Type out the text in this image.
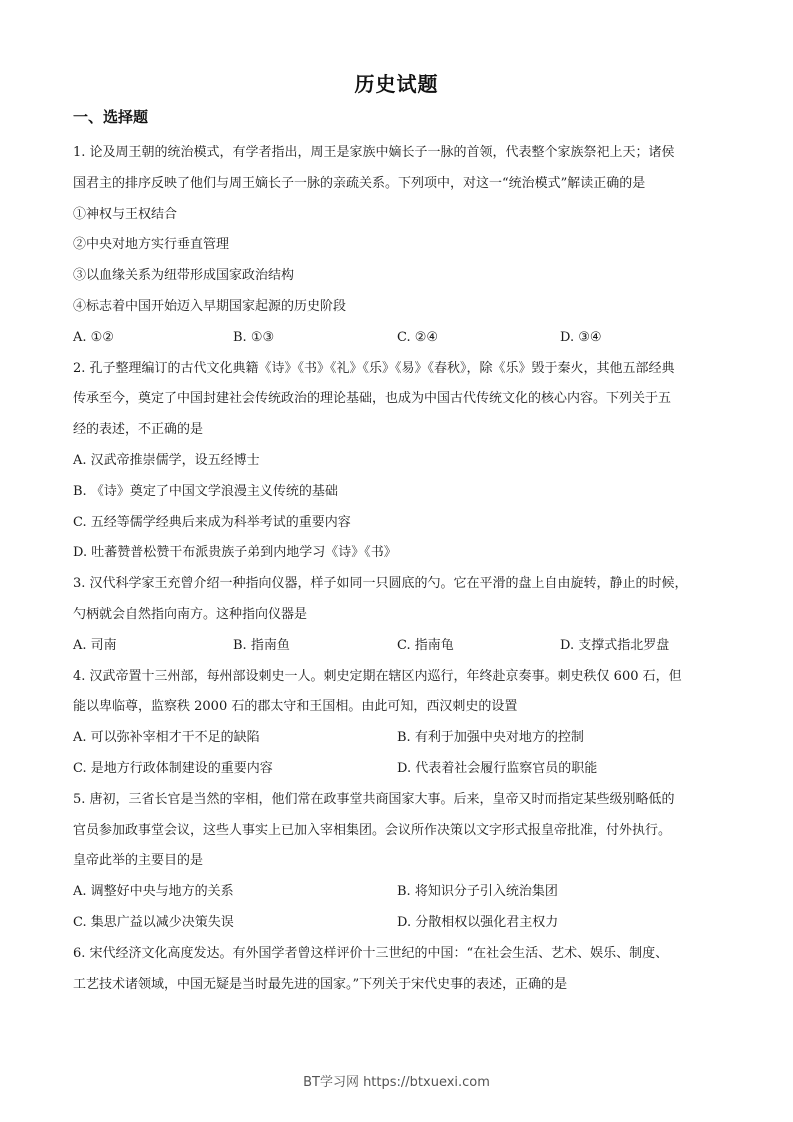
历史试题
一、选择题
1. 论及周王朝的统治模式，有学者指出，周王是家族中嫡长子一脉的首领，代表整个家族祭祀上天；诸侯
国君主的排序反映了他们与周王嫡长子一脉的亲疏关系。下列项中，对这一“统治模式”解读正确的是
①神权与王权结合
②中央对地方实行垂直管理
③以血缘关系为纽带形成国家政治结构
④标志着中国开始迈入早期国家起源的历史阶段
A. ①②	B. ①③	C. ②④	D. ③④
2. 孔子整理编订的古代文化典籍《诗》《书》《礼》《乐》《易》《春秋》，除《乐》毁于秦火，其他五部经典
传承至今，奠定了中国封建社会传统政治的理论基础，也成为中国古代传统文化的核心内容。下列关于五
经的表述，不正确的是
A. 汉武帝推崇儒学，设五经博士
B. 《诗》奠定了中国文学浪漫主义传统的基础
C. 五经等儒学经典后来成为科举考试的重要内容
D. 吐蕃赞普松赞干布派贵族子弟到内地学习《诗》《书》
3. 汉代科学家王充曾介绍一种指向仪器，样子如同一只圆底的勺。它在平滑的盘上自由旋转，静止的时候，
勺柄就会自然指向南方。这种指向仪器是
A. 司南	B. 指南鱼	C. 指南龟	D. 支撑式指北罗盘
4. 汉武帝置十三州部，每州部设刺史一人。刺史定期在辖区内巡行，年终赴京奏事。刺史秩仅 600 石，但
能以卑临尊，监察秩 2000 石的郡太守和王国相。由此可知，西汉刺史的设置
A. 可以弥补宰相才干不足的缺陷	B. 有利于加强中央对地方的控制
C. 是地方行政体制建设的重要内容	D. 代表着社会履行监察官员的职能
5. 唐初，三省长官是当然的宰相，他们常在政事堂共商国家大事。后来，皇帝又时而指定某些级别略低的
官员参加政事堂会议，这些人事实上已加入宰相集团。会议所作决策以文字形式报皇帝批准，付外执行。
皇帝此举的主要目的是
A. 调整好中央与地方的关系	B. 将知识分子引入统治集团
C. 集思广益以减少决策失误	D. 分散相权以强化君主权力
6. 宋代经济文化高度发达。有外国学者曾这样评价十三世纪的中国：“在社会生活、艺术、娱乐、制度、
工艺技术诸领域，中国无疑是当时最先进的国家。”下列关于宋代史事的表述，正确的是
BT学习网 https://btxuexi.com
